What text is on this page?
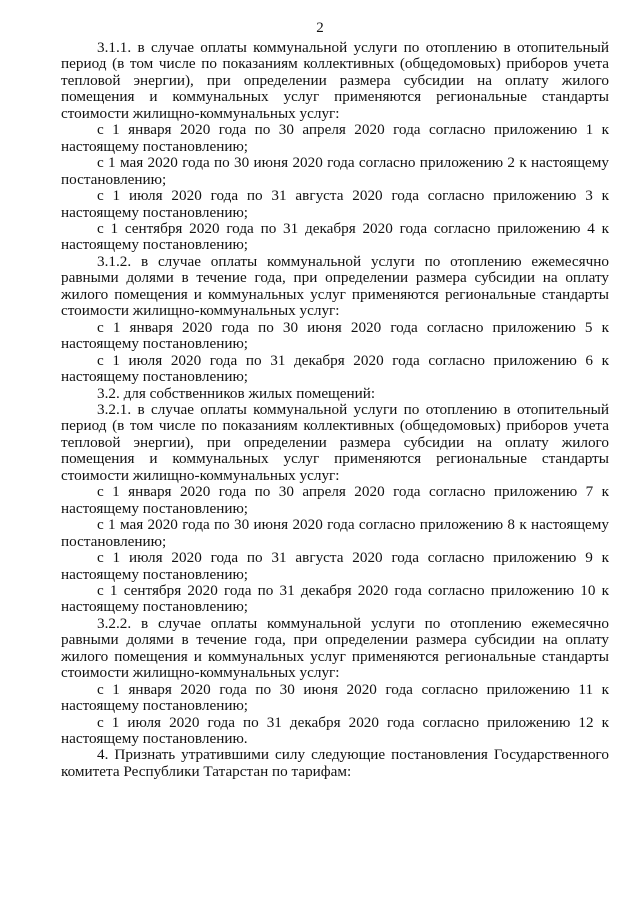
2

3.1.1. в случае оплаты коммунальной услуги по отоплению в отопительный период (в том числе по показаниям коллективных (общедомовых) приборов учета тепловой энергии), при определении размера субсидии на оплату жилого помещения и коммунальных услуг применяются региональные стандарты стоимости жилищно-коммунальных услуг:

с 1 января 2020 года по 30 апреля 2020 года согласно приложению 1 к настоящему постановлению;

с 1 мая 2020 года по 30 июня 2020 года согласно приложению 2 к настоящему постановлению;

с 1 июля 2020 года по 31 августа 2020 года согласно приложению 3 к настоящему постановлению;

с 1 сентября 2020 года по 31 декабря 2020 года согласно приложению 4 к настоящему постановлению;

3.1.2. в случае оплаты коммунальной услуги по отоплению ежемесячно равными долями в течение года, при определении размера субсидии на оплату жилого помещения и коммунальных услуг применяются региональные стандарты стоимости жилищно-коммунальных услуг:

с 1 января 2020 года по 30 июня 2020 года согласно приложению 5 к настоящему постановлению;

с 1 июля 2020 года по 31 декабря 2020 года согласно приложению 6 к настоящему постановлению;

3.2. для собственников жилых помещений:

3.2.1. в случае оплаты коммунальной услуги по отоплению в отопительный период (в том числе по показаниям коллективных (общедомовых) приборов учета тепловой энергии), при определении размера субсидии на оплату жилого помещения и коммунальных услуг применяются региональные стандарты стоимости жилищно-коммунальных услуг:

с 1 января 2020 года по 30 апреля 2020 года согласно приложению 7 к настоящему постановлению;

с 1 мая 2020 года по 30 июня 2020 года согласно приложению 8 к настоящему постановлению;

с 1 июля 2020 года по 31 августа 2020 года согласно приложению 9 к настоящему постановлению;

с 1 сентября 2020 года по 31 декабря 2020 года согласно приложению 10 к настоящему постановлению;

3.2.2. в случае оплаты коммунальной услуги по отоплению ежемесячно равными долями в течение года, при определении размера субсидии на оплату жилого помещения и коммунальных услуг применяются региональные стандарты стоимости жилищно-коммунальных услуг:

с 1 января 2020 года по 30 июня 2020 года согласно приложению 11 к настоящему постановлению;

с 1 июля 2020 года по 31 декабря 2020 года согласно приложению 12 к настоящему постановлению.

4. Признать утратившими силу следующие постановления Государственного комитета Республики Татарстан по тарифам:
